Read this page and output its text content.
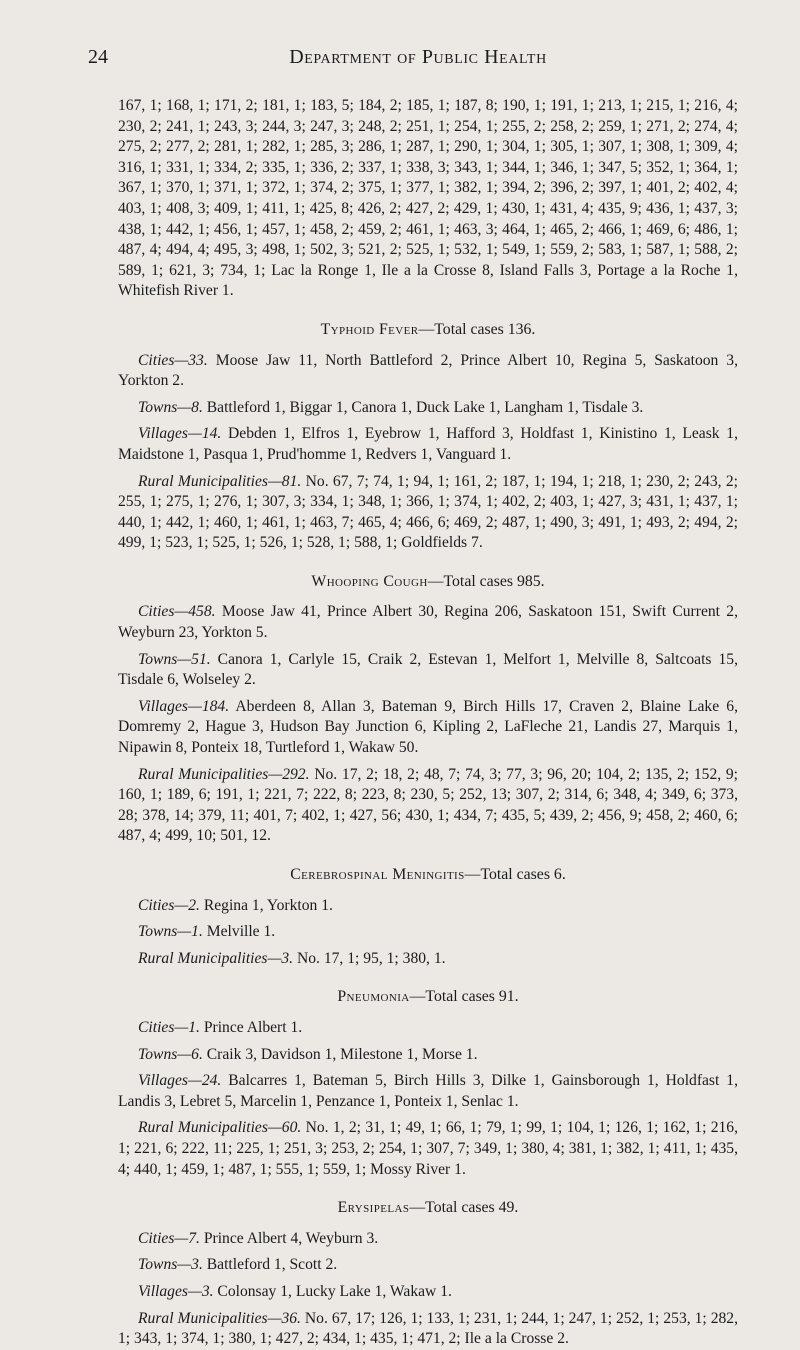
24	Department of Public Health

167, 1; 168, 1; 171, 2; 181, 1; 183, 5; 184, 2; 185, 1; 187, 8; 190, 1; 191, 1; 213, 1; 215, 1; 216, 4; 230, 2; 241, 1; 243, 3; 244, 3; 247, 3; 248, 2; 251, 1; 254, 1; 255, 2; 258, 2; 259, 1; 271, 2; 274, 4; 275, 2; 277, 2; 281, 1; 282, 1; 285, 3; 286, 1; 287, 1; 290, 1; 304, 1; 305, 1; 307, 1; 308, 1; 309, 4; 316, 1; 331, 1; 334, 2; 335, 1; 336, 2; 337, 1; 338, 3; 343, 1; 344, 1; 346, 1; 347, 5; 352, 1; 364, 1; 367, 1; 370, 1; 371, 1; 372, 1; 374, 2; 375, 1; 377, 1; 382, 1; 394, 2; 396, 2; 397, 1; 401, 2; 402, 4; 403, 1; 408, 3; 409, 1; 411, 1; 425, 8; 426, 2; 427, 2; 429, 1; 430, 1; 431, 4; 435, 9; 436, 1; 437, 3; 438, 1; 442, 1; 456, 1; 457, 1; 458, 2; 459, 2; 461, 1; 463, 3; 464, 1; 465, 2; 466, 1; 469, 6; 486, 1; 487, 4; 494, 4; 495, 3; 498, 1; 502, 3; 521, 2; 525, 1; 532, 1; 549, 1; 559, 2; 583, 1; 587, 1; 588, 2; 589, 1; 621, 3; 734, 1; Lac la Ronge 1, Ile a la Crosse 8, Island Falls 3, Portage a la Roche 1, Whitefish River 1.

Typhoid Fever—Total cases 136.

Cities—33. Moose Jaw 11, North Battleford 2, Prince Albert 10, Regina 5, Saskatoon 3, Yorkton 2.

Towns—8. Battleford 1, Biggar 1, Canora 1, Duck Lake 1, Langham 1, Tisdale 3.

Villages—14. Debden 1, Elfros 1, Eyebrow 1, Hafford 3, Holdfast 1, Kinistino 1, Leask 1, Maidstone 1, Pasqua 1, Prud'homme 1, Redvers 1, Vanguard 1.

Rural Municipalities—81. No. 67, 7; 74, 1; 94, 1; 161, 2; 187, 1; 194, 1; 218, 1; 230, 2; 243, 2; 255, 1; 275, 1; 276, 1; 307, 3; 334, 1; 348, 1; 366, 1; 374, 1; 402, 2; 403, 1; 427, 3; 431, 1; 437, 1; 440, 1; 442, 1; 460, 1; 461, 1; 463, 7; 465, 4; 466, 6; 469, 2; 487, 1; 490, 3; 491, 1; 493, 2; 494, 2; 499, 1; 523, 1; 525, 1; 526, 1; 528, 1; 588, 1; Goldfields 7.

Whooping Cough—Total cases 985.

Cities—458. Moose Jaw 41, Prince Albert 30, Regina 206, Saskatoon 151, Swift Current 2, Weyburn 23, Yorkton 5.

Towns—51. Canora 1, Carlyle 15, Craik 2, Estevan 1, Melfort 1, Melville 8, Saltcoats 15, Tisdale 6, Wolseley 2.

Villages—184. Aberdeen 8, Allan 3, Bateman 9, Birch Hills 17, Craven 2, Blaine Lake 6, Domremy 2, Hague 3, Hudson Bay Junction 6, Kipling 2, LaFleche 21, Landis 27, Marquis 1, Nipawin 8, Ponteix 18, Turtleford 1, Wakaw 50.

Rural Municipalities—292. No. 17, 2; 18, 2; 48, 7; 74, 3; 77, 3; 96, 20; 104, 2; 135, 2; 152, 9; 160, 1; 189, 6; 191, 1; 221, 7; 222, 8; 223, 8; 230, 5; 252, 13; 307, 2; 314, 6; 348, 4; 349, 6; 373, 28; 378, 14; 379, 11; 401, 7; 402, 1; 427, 56; 430, 1; 434, 7; 435, 5; 439, 2; 456, 9; 458, 2; 460, 6; 487, 4; 499, 10; 501, 12.

Cerebrospinal Meningitis—Total cases 6.

Cities—2. Regina 1, Yorkton 1.

Towns—1. Melville 1.

Rural Municipalities—3. No. 17, 1; 95, 1; 380, 1.

Pneumonia—Total cases 91.

Cities—1. Prince Albert 1.

Towns—6. Craik 3, Davidson 1, Milestone 1, Morse 1.

Villages—24. Balcarres 1, Bateman 5, Birch Hills 3, Dilke 1, Gainsborough 1, Holdfast 1, Landis 3, Lebret 5, Marcelin 1, Penzance 1, Ponteix 1, Senlac 1.

Rural Municipalities—60. No. 1, 2; 31, 1; 49, 1; 66, 1; 79, 1; 99, 1; 104, 1; 126, 1; 162, 1; 216, 1; 221, 6; 222, 11; 225, 1; 251, 3; 253, 2; 254, 1; 307, 7; 349, 1; 380, 4; 381, 1; 382, 1; 411, 1; 435, 4; 440, 1; 459, 1; 487, 1; 555, 1; 559, 1; Mossy River 1.

Erysipelas—Total cases 49.

Cities—7. Prince Albert 4, Weyburn 3.

Towns—3. Battleford 1, Scott 2.

Villages—3. Colonsay 1, Lucky Lake 1, Wakaw 1.

Rural Municipalities—36. No. 67, 17; 126, 1; 133, 1; 231, 1; 244, 1; 247, 1; 252, 1; 253, 1; 282, 1; 343, 1; 374, 1; 380, 1; 427, 2; 434, 1; 435, 1; 471, 2; Ile a la Crosse 2.
